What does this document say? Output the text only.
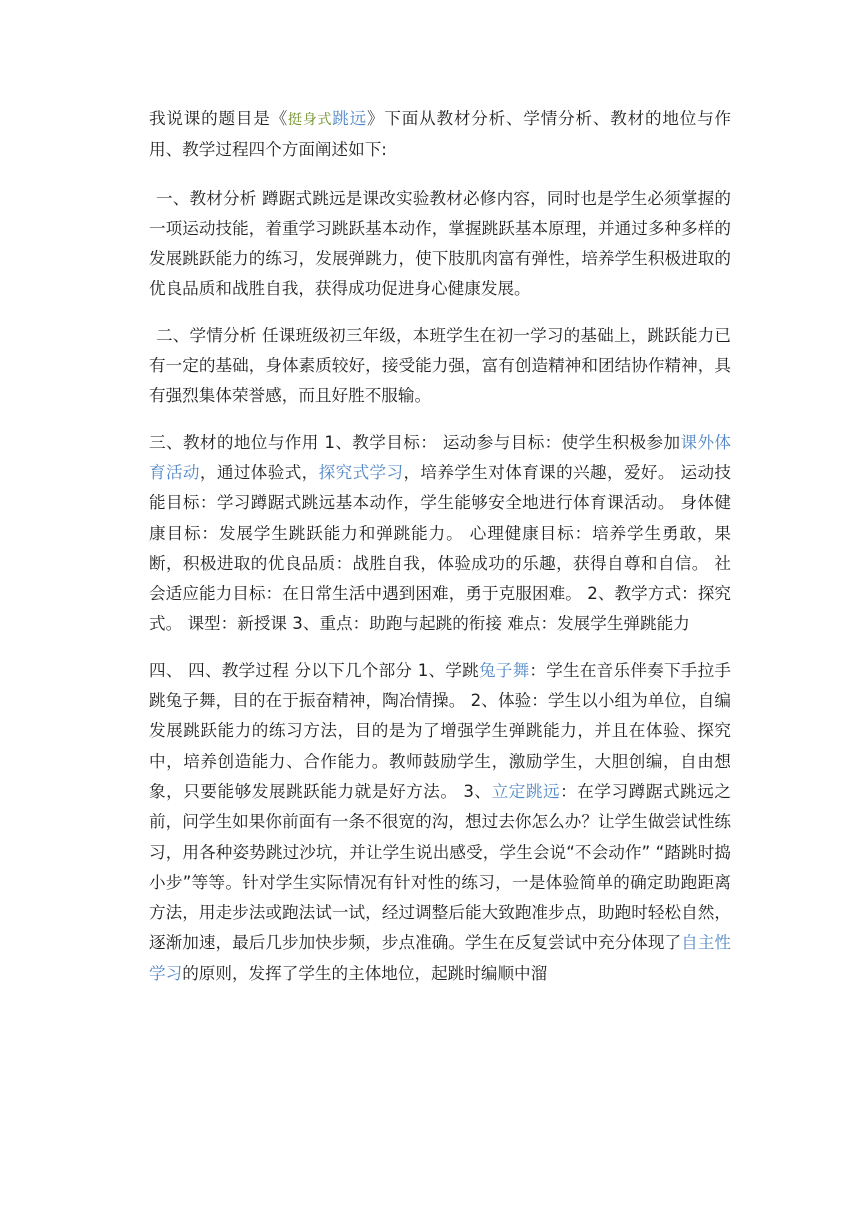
我说课的题目是《挺身式跳远》下面从教材分析、学情分析、教材的地位与作用、教学过程四个方面阐述如下:

一、教材分析 蹲踞式跳远是课改实验教材必修内容，同时也是学生必须掌握的一项运动技能，着重学习跳跃基本动作，掌握跳跃基本原理，并通过多种多样的发展跳跃能力的练习，发展弹跳力，使下肢肌肉富有弹性，培养学生积极进取的优良品质和战胜自我，获得成功促进身心健康发展。

二、学情分析 任课班级初三年级，本班学生在初一学习的基础上，跳跃能力已有一定的基础，身体素质较好，接受能力强，富有创造精神和团结协作精神，具有强烈集体荣誉感，而且好胜不服输。

三、教材的地位与作用 1、教学目标： 运动参与目标：使学生积极参加课外体育活动，通过体验式，探究式学习，培养学生对体育课的兴趣，爱好。 运动技能目标：学习蹲踞式跳远基本动作，学生能够安全地进行体育课活动。 身体健康目标：发展学生跳跃能力和弹跳能力。 心理健康目标：培养学生勇敢，果断，积极进取的优良品质：战胜自我，体验成功的乐趣，获得自尊和自信。 社会适应能力目标：在日常生活中遇到困难，勇于克服困难。 2、教学方式：探究式。 课型：新授课 3、重点：助跑与起跳的衔接 难点：发展学生弹跳能力

四、 四、教学过程 分以下几个部分 1、学跳兔子舞：学生在音乐伴奏下手拉手跳兔子舞，目的在于振奋精神，陶冶情操。 2、体验：学生以小组为单位，自编发展跳跃能力的练习方法，目的是为了增强学生弹跳能力，并且在体验、探究中，培养创造能力、合作能力。教师鼓励学生，激励学生，大胆创编，自由想象，只要能够发展跳跃能力就是好方法。 3、立定跳远：在学习蹲踞式跳远之前，问学生如果你前面有一条不很宽的沟，想过去你怎么办？让学生做尝试性练习，用各种姿势跳过沙坑，并让学生说出感受，学生会说“不会动作” “踏跳时捣小步”等等。针对学生实际情况有针对性的练习，一是体验简单的确定助跑距离方法，用走步法或跑法试一试，经过调整后能大致跑准步点，助跑时轻松自然，逐渐加速，最后几步加快步频，步点准确。学生在反复尝试中充分体现了自主性学习的原则，发挥了学生的主体地位，起跳时编顺中溜
